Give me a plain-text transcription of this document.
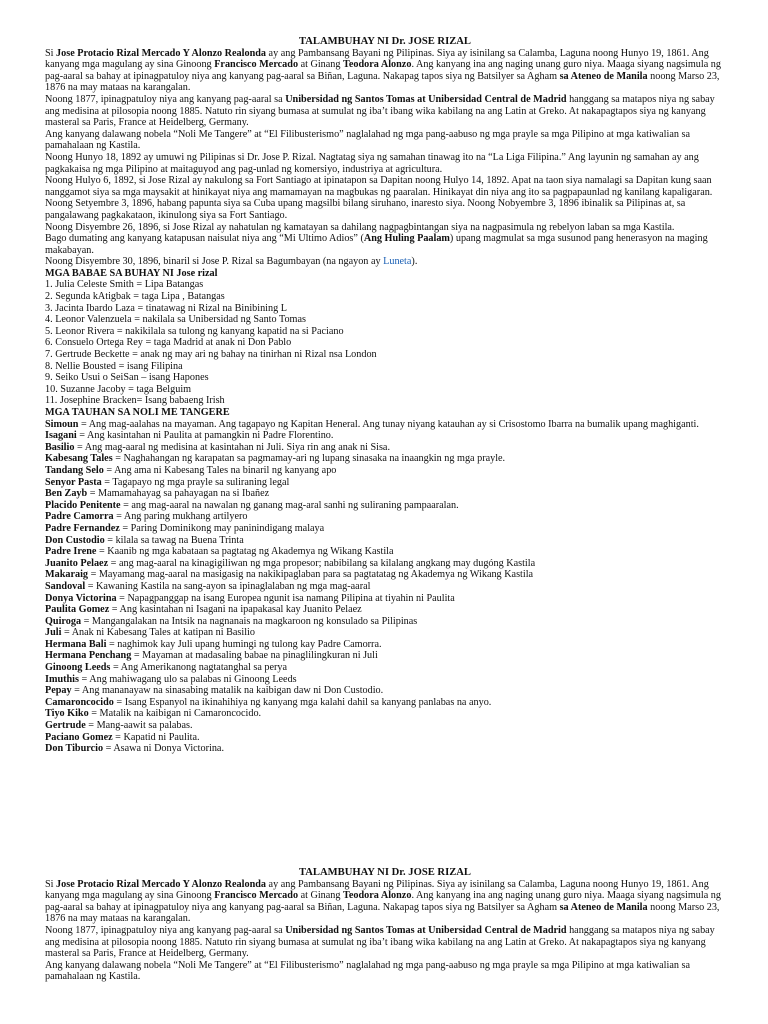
TALAMBUHAY NI Dr. JOSE RIZAL

Si Jose Protacio Rizal Mercado Y Alonzo Realonda ay ang Pambansang Bayani ng Pilipinas. Siya ay isinilang sa Calamba, Laguna noong Hunyo 19, 1861. Ang kanyang mga magulang ay sina Ginoong Francisco Mercado at Ginang Teodora Alonzo. Ang kanyang ina ang naging unang guro niya. Maaga siyang nagsimula ng pag-aaral sa bahay at ipinagpatuloy niya ang kanyang pag-aaral sa Biñan, Laguna. Nakapag tapos siya ng Batsilyer sa Agham sa Ateneo de Manila noong Marso 23, 1876 na may mataas na karangalan.

Noong 1877, ipinagpatuloy niya ang kanyang pag-aaral sa Unibersidad ng Santos Tomas at Unibersidad Central de Madrid hanggang sa matapos niya ng sabay ang medisina at pilosopia noong 1885. Natuto rin siyang bumasa at sumulat ng iba’t ibang wika kabilang na ang Latin at Greko. At nakapagtapos siya ng kanyang masteral sa Paris, France at Heidelberg, Germany.

Ang kanyang dalawang nobela “Noli Me Tangere” at “El Filibusterismo” naglalahad ng mga pang-aabuso ng mga prayle sa mga Pilipino at mga katiwalian sa pamahalaan ng Kastila.

Noong Hunyo 18, 1892 ay umuwi ng Pilipinas si Dr. Jose P. Rizal. Nagtatag siya ng samahan tinawag ito na “La Liga Filipina.” Ang layunin ng samahan ay ang pagkakaisa ng mga Pilipino at maitaguyod ang pag-unlad ng komersiyo, industriya at agricultura.

Noong Hulyo 6, 1892, si Jose Rizal ay nakulong sa Fort Santiago at ipinatapon sa Dapitan noong Hulyo 14, 1892. Apat na taon siya namalagi sa Dapitan kung saan nanggamot siya sa mga maysakit at hinikayat niya ang mamamayan na magbukas ng paaralan. Hinikayat din niya ang ito sa pagpapaunlad ng kanilang kapaligaran.

Noong Setyembre 3, 1896, habang papunta siya sa Cuba upang magsilbi bilang siruhano, inaresto siya. Noong Nobyembre 3, 1896 ibinalik sa Pilipinas at, sa pangalawang pagkakataon, ikinulong siya sa Fort Santiago.

Noong Disyembre 26, 1896, si Jose Rizal ay nahatulan ng kamatayan sa dahilang nagpagbintangan siya na nagpasimula ng rebelyon laban sa mga Kastila.

Bago dumating ang kanyang katapusan naisulat niya ang “Mi Ultimo Adios” (Ang Huling Paalam) upang magmulat sa mga susunod pang henerasyon na maging makabayan.

Noong Disyembre 30, 1896, binaril si Jose P. Rizal sa Bagumbayan (na ngayon ay Luneta).

MGA BABAE SA BUHAY NI Jose rizal

1. Julia Celeste Smith = Lipa Batangas

2. Segunda kAtigbak = taga Lipa , Batangas

3. Jacinta Ibardo Laza = tinatawag ni Rizal na Binibining L

4. Leonor Valenzuela = nakilala sa Unibersidad ng Santo Tomas

5. Leonor Rivera = nakikilala sa tulong ng kanyang kapatid na si Paciano

6. Consuelo Ortega Rey = taga Madrid at anak ni Don Pablo

7. Gertrude Beckette = anak ng may ari ng bahay na tinirhan ni Rizal nsa London

8. Nellie Bousted = isang Filipina

9. Seiko Usui o SeiSan – isang Hapones

10. Suzanne Jacoby = taga Belguim

11. Josephine Bracken= Isang babaeng Irish

MGA TAUHAN SA NOLI ME TANGERE

Simoun = Ang mag-aalahas na mayaman. Ang tagapayo ng Kapitan Heneral. Ang tunay niyang katauhan ay si Crisostomo Ibarra na bumalik upang maghiganti.

Isagani = Ang kasintahan ni Paulita at pamangkin ni Padre Florentino.

Basilio = Ang mag-aaral ng medisina at kasintahan ni Juli. Siya rin ang anak ni Sisa.

Kabesang Tales = Naghahangan ng karapatan sa pagmamay-ari ng lupang sinasaka na inaangkin ng mga prayle.

Tandang Selo = Ang ama ni Kabesang Tales na binaril ng kanyang apo

Senyor Pasta = Tagapayo ng mga prayle sa suliraning legal

Ben Zayb = Mamamahayag sa pahayagan na si Ibañez

Placido Penitente = ang mag-aaral na nawalan ng ganang mag-aral sanhi ng suliraning pampaaralan.

Padre Camorra = Ang paring mukhang artilyero

Padre Fernandez = Paring Dominikong may paninindigang malaya

Don Custodio = kilala sa tawag na Buena Trinta

Padre Irene = Kaanib ng mga kabataan sa pagtatag ng Akademya ng Wikang Kastila

Juanito Pelaez = ang mag-aaral na kinagigiliwan ng mga propesor; nabibilang sa kilalang angkang may dugóng Kastila

Makaraig = Mayamang mag-aaral na masigasig na nakikipaglaban para sa pagtatatag ng Akademya ng Wikang Kastila

Sandoval = Kawaning Kastila na sang-ayon sa ipinaglalaban ng mga mag-aaral

Donya Victorina = Napagpanggap na isang Europea ngunit isa namang Pilipina at tiyahin ni Paulita

Paulita Gomez = Ang kasintahan ni Isagani na ipapakasal kay Juanito Pelaez

Quiroga = Mangangalakan na Intsik na nagnanais na magkaroon ng konsulado sa Pilipinas

Juli = Anak ni Kabesang Tales at katipan ni Basilio

Hermana Bali = naghimok kay Juli upang humingi ng tulong kay Padre Camorra.

Hermana Penchang = Mayaman at madasaling babae na pinaglilingkuran ni Juli

Ginoong Leeds = Ang Amerikanong nagtatanghal sa perya

Imuthis = Ang mahiwagang ulo sa palabas ni Ginoong Leeds

Pepay = Ang mananayaw na sinasabing matalik na kaibigan daw ni Don Custodio.

Camaroncocido = Isang Espanyol na ikinahihiya ng kanyang mga kalahi dahil sa kanyang panlabas na anyo.

Tiyo Kiko = Matalik na kaibigan ni Camaroncocido.

Gertrude = Mang-aawit sa palabas.

Paciano Gomez = Kapatid ni Paulita.

Don Tiburcio = Asawa ni Donya Victorina.

TALAMBUHAY NI Dr. JOSE RIZAL

Si Jose Protacio Rizal Mercado Y Alonzo Realonda ay ang Pambansang Bayani ng Pilipinas. Siya ay isinilang sa Calamba, Laguna noong Hunyo 19, 1861. Ang kanyang mga magulang ay sina Ginoong Francisco Mercado at Ginang Teodora Alonzo. Ang kanyang ina ang naging unang guro niya. Maaga siyang nagsimula ng pag-aaral sa bahay at ipinagpatuloy niya ang kanyang pag-aaral sa Biñan, Laguna. Nakapag tapos siya ng Batsilyer sa Agham sa Ateneo de Manila noong Marso 23, 1876 na may mataas na karangalan.

Noong 1877, ipinagpatuloy niya ang kanyang pag-aaral sa Unibersidad ng Santos Tomas at Unibersidad Central de Madrid hanggang sa matapos niya ng sabay ang medisina at pilosopia noong 1885. Natuto rin siyang bumasa at sumulat ng iba’t ibang wika kabilang na ang Latin at Greko. At nakapagtapos siya ng kanyang masteral sa Paris, France at Heidelberg, Germany.

Ang kanyang dalawang nobela “Noli Me Tangere” at “El Filibusterismo” naglalahad ng mga pang-aabuso ng mga prayle sa mga Pilipino at mga katiwalian sa pamahalaan ng Kastila.
